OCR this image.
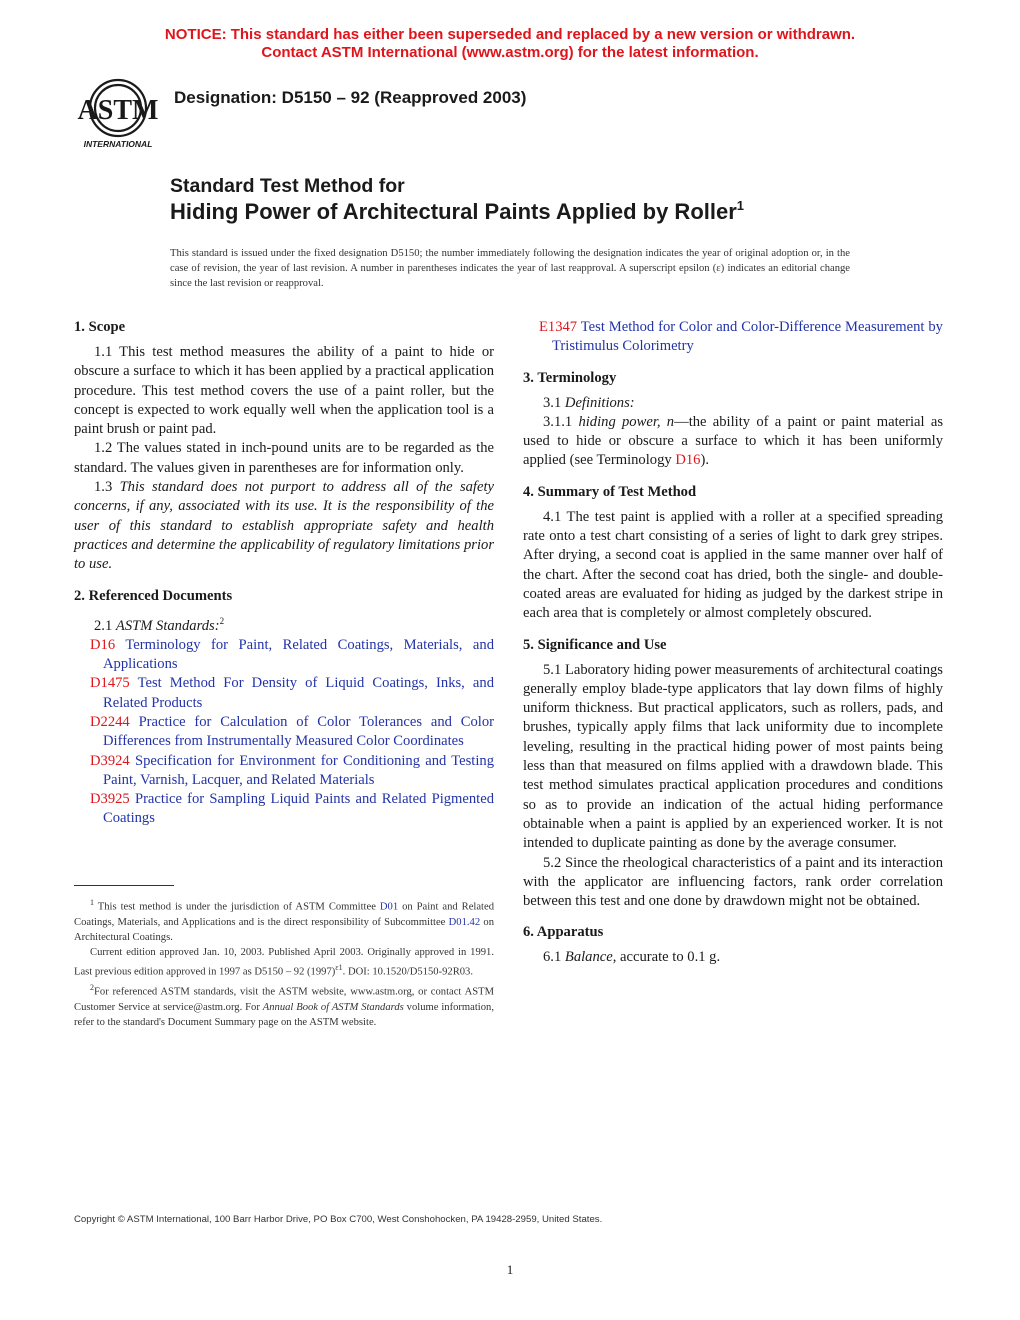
NOTICE: This standard has either been superseded and replaced by a new version or withdrawn.
Contact ASTM International (www.astm.org) for the latest information.
ASTM
INTERNATIONAL
Designation: D5150 – 92 (Reapproved 2003)
Standard Test Method for
Hiding Power of Architectural Paints Applied by Roller$^1$
This standard is issued under the fixed designation D5150; the number immediately following the designation indicates the year of original adoption or, in the case of revision, the year of last revision. A number in parentheses indicates the year of last reapproval. A superscript epsilon (ε) indicates an editorial change since the last revision or reapproval.
1. Scope

1.1 This test method measures the ability of a paint to hide or obscure a surface to which it has been applied by a practical application procedure. This test method covers the use of a paint roller, but the concept is expected to work equally well when the application tool is a paint brush or paint pad.

1.2 The values stated in inch-pound units are to be regarded as the standard. The values given in parentheses are for information only.

1.3 This standard does not purport to address all of the safety concerns, if any, associated with its use. It is the responsibility of the user of this standard to establish appropriate safety and health practices and determine the applicability of regulatory limitations prior to use.

2. Referenced Documents

2.1 ASTM Standards:$^2$

D16 Terminology for Paint, Related Coatings, Materials, and Applications

D1475 Test Method For Density of Liquid Coatings, Inks, and Related Products

D2244 Practice for Calculation of Color Tolerances and Color Differences from Instrumentally Measured Color Coordinates

D3924 Specification for Environment for Conditioning and Testing Paint, Varnish, Lacquer, and Related Materials

D3925 Practice for Sampling Liquid Paints and Related Pigmented Coatings

$^1$ This test method is under the jurisdiction of ASTM Committee D01 on Paint and Related Coatings, Materials, and Applications and is the direct responsibility of Subcommittee D01.42 on Architectural Coatings.

Current edition approved Jan. 10, 2003. Published April 2003. Originally approved in 1991. Last previous edition approved in 1997 as D5150 – 92 $(1997)^{\varepsilon 1}$. DOI: 10.1520/D5150-92R03.

$^2$For referenced ASTM standards, visit the ASTM website, www.astm.org, or contact ASTM Customer Service at service@astm.org. For Annual Book of ASTM Standards volume information, refer to the standard's Document Summary page on the ASTM website.

E1347 Test Method for Color and Color-Difference Measurement by Tristimulus Colorimetry

3. Terminology

3.1 Definitions:

3.1.1 hiding power, n—the ability of a paint or paint material as used to hide or obscure a surface to which it has been uniformly applied (see Terminology D16).

4. Summary of Test Method

4.1 The test paint is applied with a roller at a specified spreading rate onto a test chart consisting of a series of light to dark grey stripes. After drying, a second coat is applied in the same manner over half of the chart. After the second coat has dried, both the single- and double-coated areas are evaluated for hiding as judged by the darkest stripe in each area that is completely or almost completely obscured.

5. Significance and Use

5.1 Laboratory hiding power measurements of architectural coatings generally employ blade-type applicators that lay down films of highly uniform thickness. But practical applicators, such as rollers, pads, and brushes, typically apply films that lack uniformity due to incomplete leveling, resulting in the practical hiding power of most paints being less than that measured on films applied with a drawdown blade. This test method simulates practical application procedures and conditions so as to provide an indication of the actual hiding performance obtainable when a paint is applied by an experienced worker. It is not intended to duplicate painting as done by the average consumer.

5.2 Since the rheological characteristics of a paint and its interaction with the applicator are influencing factors, rank order correlation between this test and one done by drawdown might not be obtained.

6. Apparatus

6.1 Balance, accurate to 0.1 g.

Copyright © ASTM International, 100 Barr Harbor Drive, PO Box C700, West Conshohocken, PA 19428-2959, United States.
1
